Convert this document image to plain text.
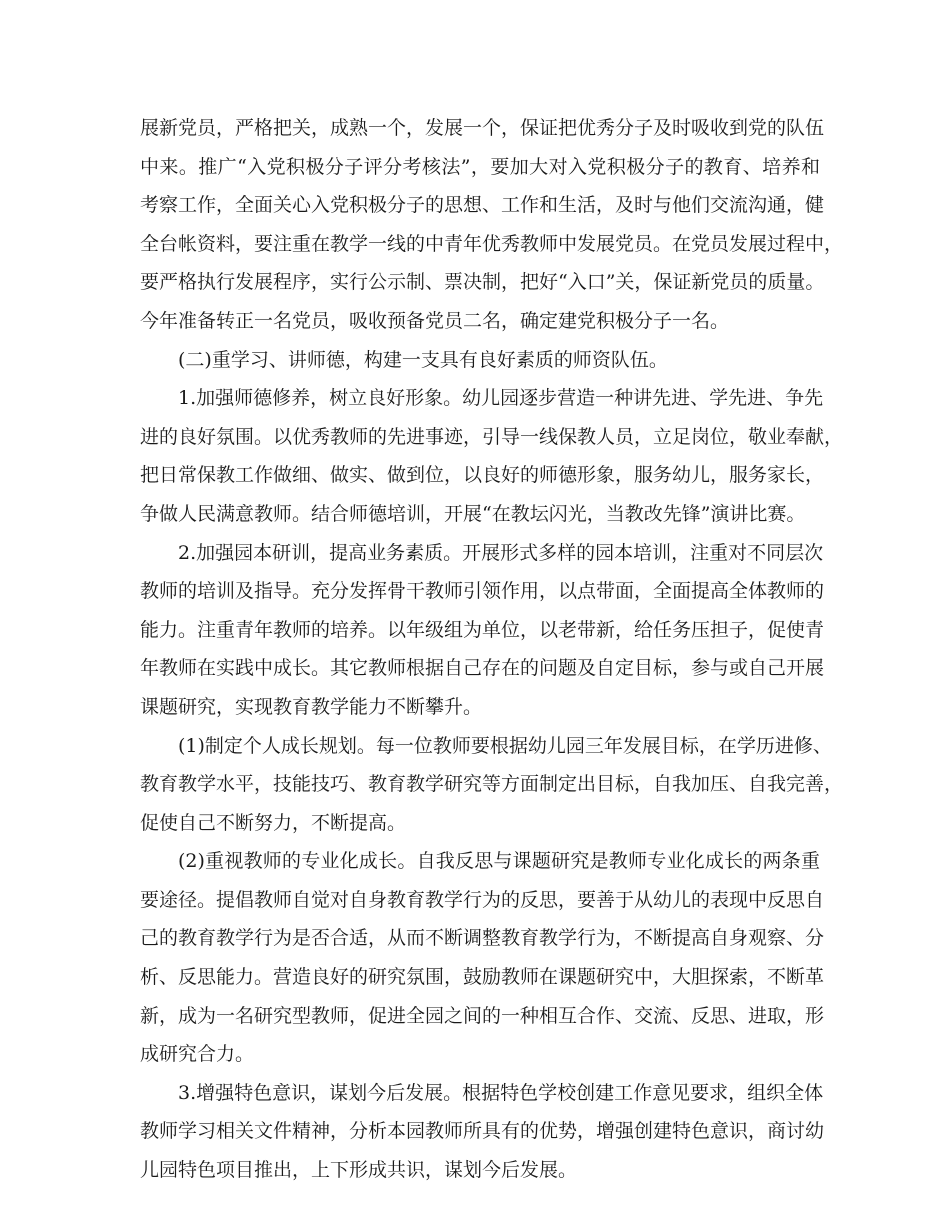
展新党员，严格把关，成熟一个，发展一个，保证把优秀分子及时吸收到党的队伍
中来。推广“入党积极分子评分考核法”，要加大对入党积极分子的教育、培养和
考察工作，全面关心入党积极分子的思想、工作和生活，及时与他们交流沟通，健
全台帐资料，要注重在教学一线的中青年优秀教师中发展党员。在党员发展过程中，
要严格执行发展程序，实行公示制、票决制，把好“入口”关，保证新党员的质量。
今年准备转正一名党员，吸收预备党员二名，确定建党积极分子一名。
(二)重学习、讲师德，构建一支具有良好素质的师资队伍。
1.加强师德修养，树立良好形象。幼儿园逐步营造一种讲先进、学先进、争先
进的良好氛围。以优秀教师的先进事迹，引导一线保教人员，立足岗位，敬业奉献，
把日常保教工作做细、做实、做到位，以良好的师德形象，服务幼儿，服务家长，
争做人民满意教师。结合师德培训，开展“在教坛闪光，当教改先锋”演讲比赛。
2.加强园本研训，提高业务素质。开展形式多样的园本培训，注重对不同层次
教师的培训及指导。充分发挥骨干教师引领作用，以点带面，全面提高全体教师的
能力。注重青年教师的培养。以年级组为单位，以老带新，给任务压担子，促使青
年教师在实践中成长。其它教师根据自己存在的问题及自定目标，参与或自己开展
课题研究，实现教育教学能力不断攀升。
(1)制定个人成长规划。每一位教师要根据幼儿园三年发展目标，在学历进修、
教育教学水平，技能技巧、教育教学研究等方面制定出目标，自我加压、自我完善，
促使自己不断努力，不断提高。
(2)重视教师的专业化成长。自我反思与课题研究是教师专业化成长的两条重
要途径。提倡教师自觉对自身教育教学行为的反思，要善于从幼儿的表现中反思自
己的教育教学行为是否合适，从而不断调整教育教学行为，不断提高自身观察、分
析、反思能力。营造良好的研究氛围，鼓励教师在课题研究中，大胆探索，不断革
新，成为一名研究型教师，促进全园之间的一种相互合作、交流、反思、进取，形
成研究合力。
3.增强特色意识，谋划今后发展。根据特色学校创建工作意见要求，组织全体
教师学习相关文件精神，分析本园教师所具有的优势，增强创建特色意识，商讨幼
儿园特色项目推出，上下形成共识，谋划今后发展。
